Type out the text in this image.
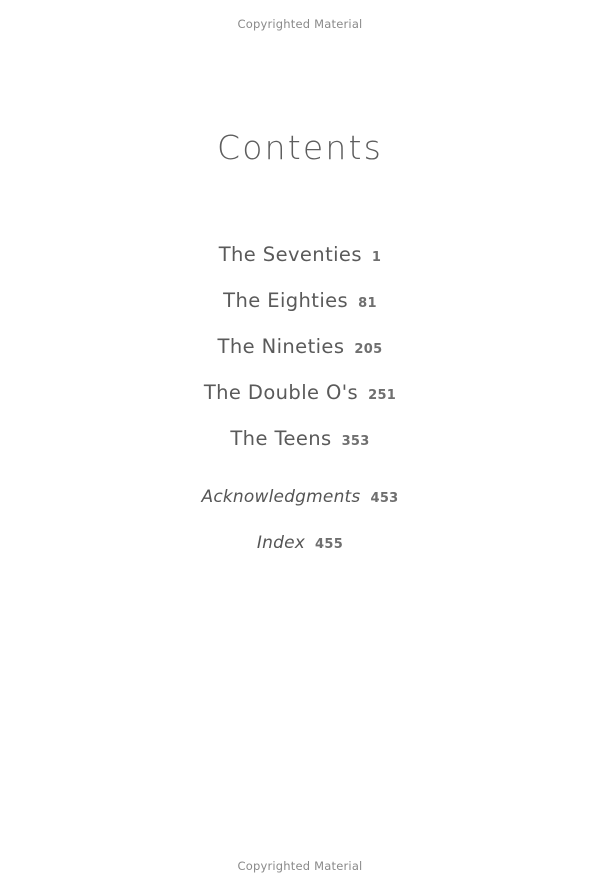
Copyrighted Material
Contents
The Seventies 1
The Eighties 81
The Nineties 205
The Double O's 251
The Teens 353
Acknowledgments 453
Index 455
Copyrighted Material
